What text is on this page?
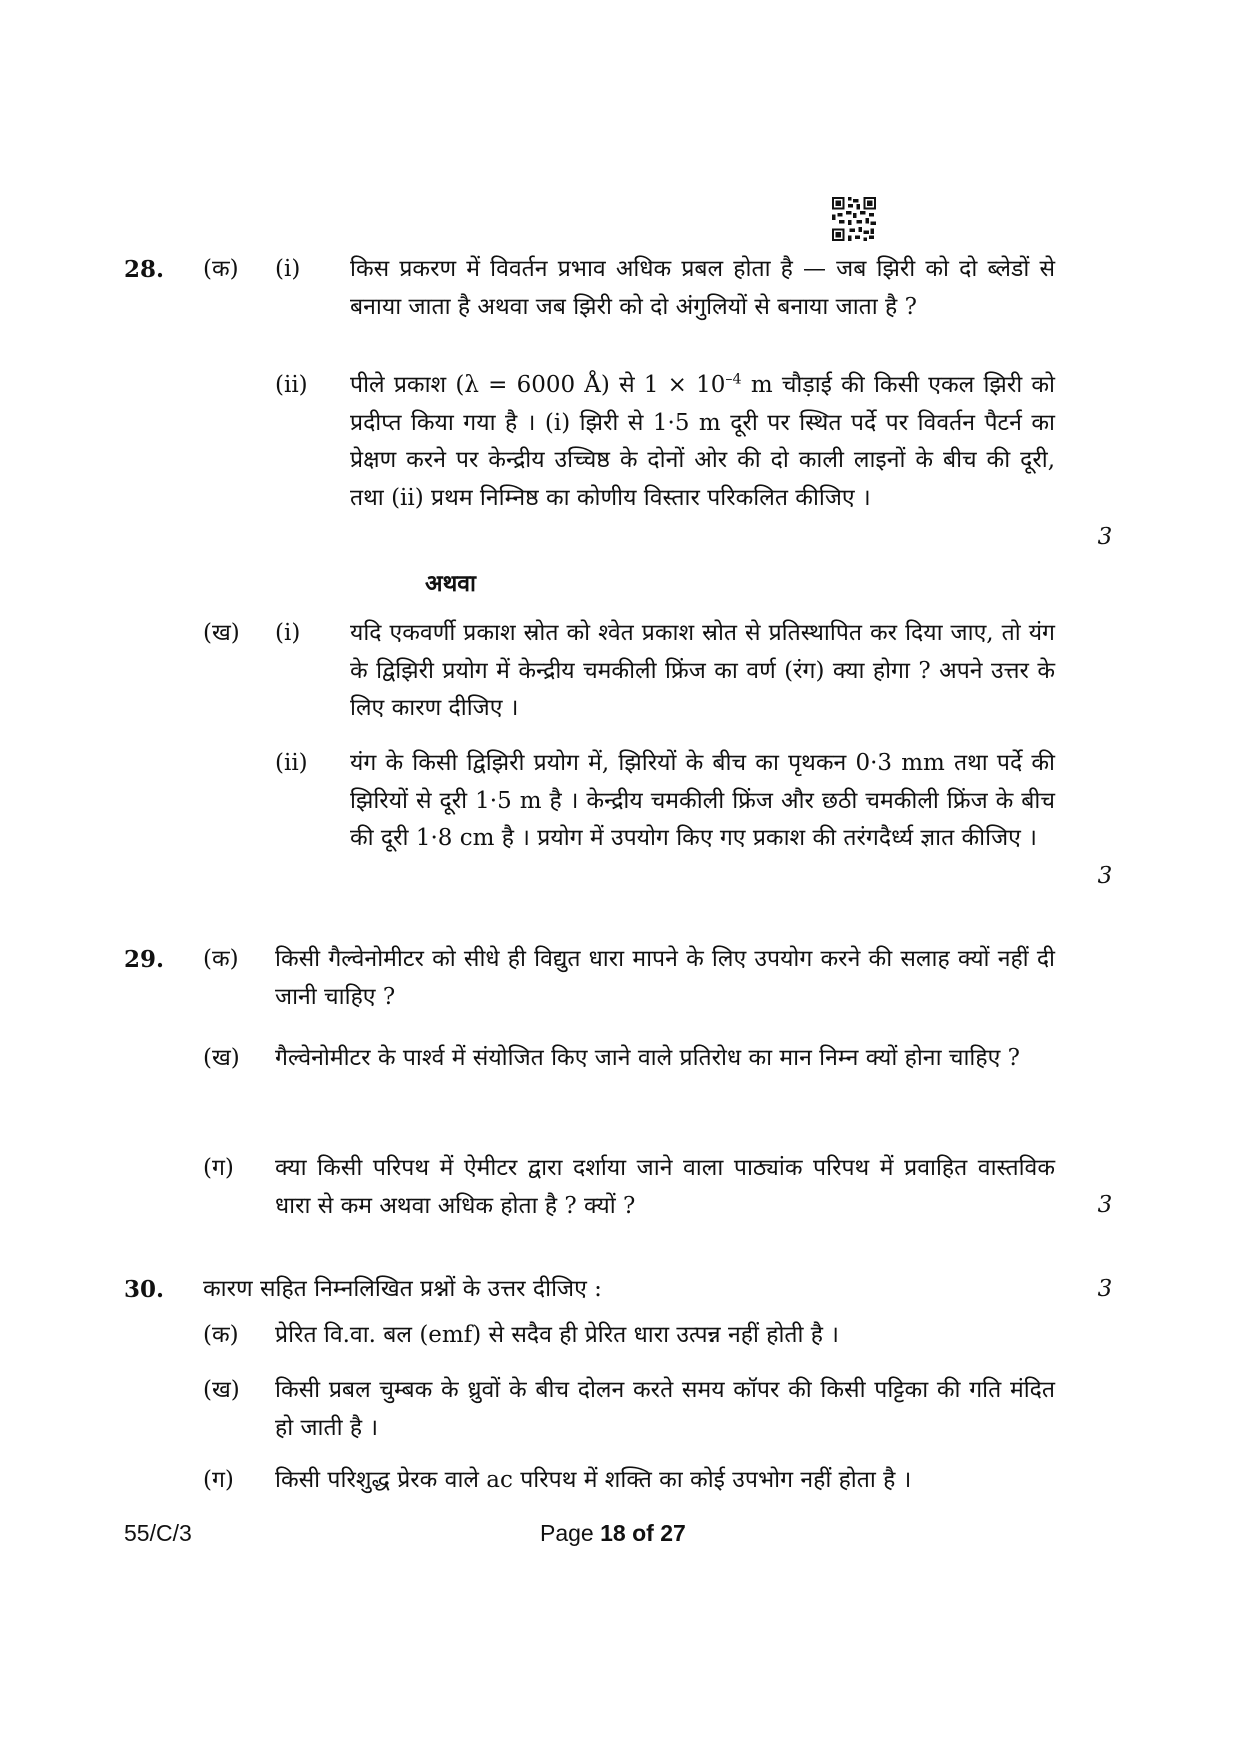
28. (क) (i) किस प्रकरण में विवर्तन प्रभाव अधिक प्रबल होता है — जब झिरी को दो ब्लेडों से बनाया जाता है अथवा जब झिरी को दो अंगुलियों से बनाया जाता है ?
(ii) पीले प्रकाश (λ = 6000 Å) से $1 \times 10^{-4}$ m चौड़ाई की किसी एकल झिरी को प्रदीप्त किया गया है । (i) झिरी से 1·5 m दूरी पर स्थित पर्दे पर विवर्तन पैटर्न का प्रेक्षण करने पर केन्द्रीय उच्चिष्ठ के दोनों ओर की दो काली लाइनों के बीच की दूरी, तथा (ii) प्रथम निम्निष्ठ का कोणीय विस्तार परिकलित कीजिए ।
3
अथवा
(ख) (i) यदि एकवर्णी प्रकाश स्रोत को श्वेत प्रकाश स्रोत से प्रतिस्थापित कर दिया जाए, तो यंग के द्विझिरी प्रयोग में केन्द्रीय चमकीली फ्रिंज का वर्ण (रंग) क्या होगा ? अपने उत्तर के लिए कारण दीजिए ।
(ii) यंग के किसी द्विझिरी प्रयोग में, झिरियों के बीच का पृथकन 0·3 mm तथा पर्दे की झिरियों से दूरी 1·5 m है । केन्द्रीय चमकीली फ्रिंज और छठी चमकीली फ्रिंज के बीच की दूरी 1·8 cm है । प्रयोग में उपयोग किए गए प्रकाश की तरंगदैर्ध्य ज्ञात कीजिए ।
3
29. (क) किसी गैल्वेनोमीटर को सीधे ही विद्युत धारा मापने के लिए उपयोग करने की सलाह क्यों नहीं दी जानी चाहिए ?
(ख) गैल्वेनोमीटर के पार्श्व में संयोजित किए जाने वाले प्रतिरोध का मान निम्न क्यों होना चाहिए ?
(ग) क्या किसी परिपथ में ऐमीटर द्वारा दर्शाया जाने वाला पाठ्यांक परिपथ में प्रवाहित वास्तविक धारा से कम अथवा अधिक होता है ? क्यों ?	3
30. कारण सहित निम्नलिखित प्रश्नों के उत्तर दीजिए :	3
(क) प्रेरित वि.वा. बल (emf) से सदैव ही प्रेरित धारा उत्पन्न नहीं होती है ।
(ख) किसी प्रबल चुम्बक के ध्रुवों के बीच दोलन करते समय कॉपर की किसी पट्टिका की गति मंदित हो जाती है ।
(ग) किसी परिशुद्ध प्रेरक वाले ac परिपथ में शक्ति का कोई उपभोग नहीं होता है ।
55/C/3	Page 18 of 27
